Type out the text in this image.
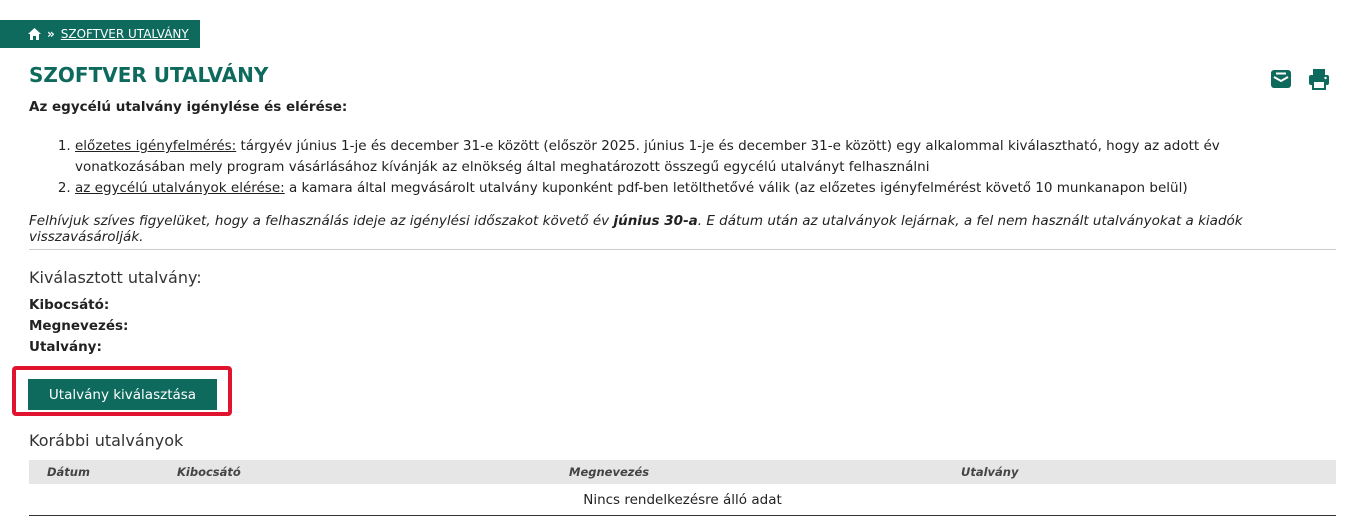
» SZOFTVER UTALVÁNY
SZOFTVER UTALVÁNY

Az egycélú utalvány igénylése és elérése:

1. előzetes igényfelmérés: tárgyév június 1-je és december 31-e között (először 2025. június 1-je és december 31-e között) egy alkalommal kiválasztható, hogy az adott év vonatkozásában mely program vásárlásához kívánják az elnökség által meghatározott összegű egycélú utalványt felhasználni
2. az egycélú utalványok elérése: a kamara által megvásárolt utalvány kuponként pdf-ben letölthetővé válik (az előzetes igényfelmérést követő 10 munkanapon belül)

Felhívjuk szíves figyelüket, hogy a felhasználás ideje az igénylési időszakot követő év június 30-a. E dátum után az utalványok lejárnak, a fel nem használt utalványokat a kiadók visszavásárolják.

Kiválasztott utalvány:
Kibocsátó:
Megnevezés:
Utalvány:
Utalvány kiválasztása
Korábbi utalványok
Dátum	Kibocsátó	Megnevezés	Utalvány
Nincs rendelkezésre álló adat
